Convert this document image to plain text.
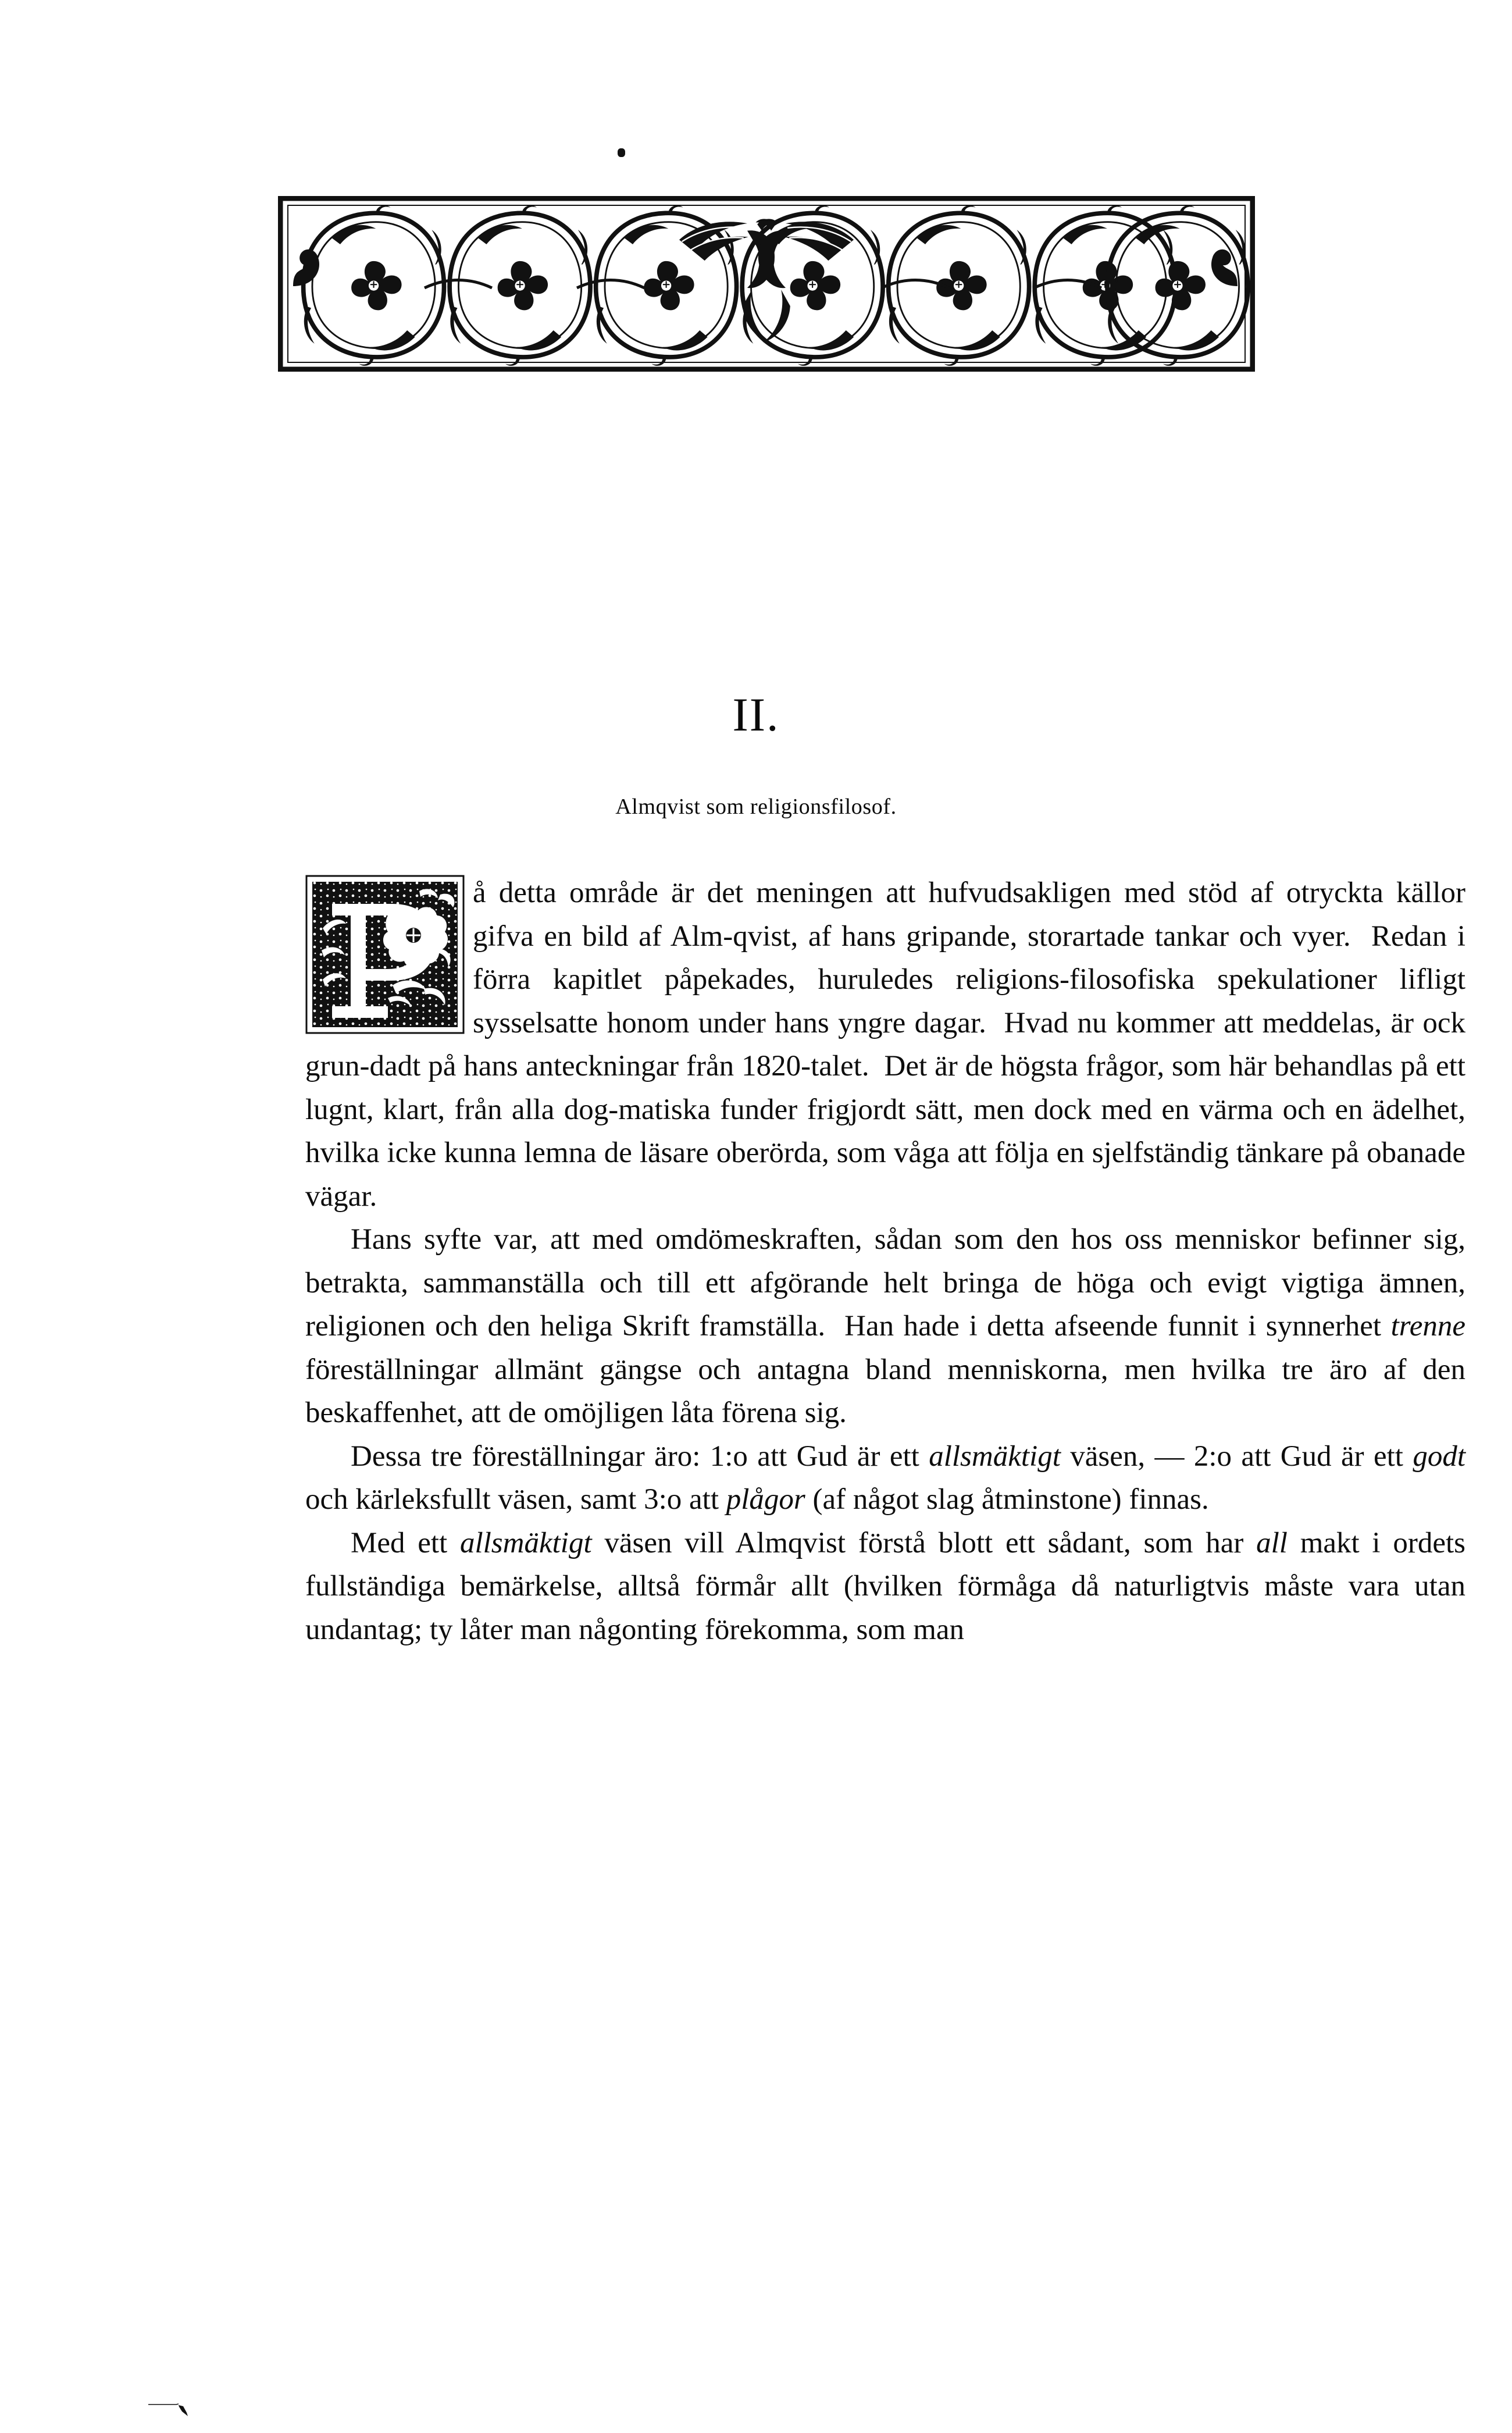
II.
Almqvist som religionsfilosof.

å detta område är det meningen att hufvudsakligen med stöd af otryckta källor gifva en bild af Alm‑qvist, af hans gripande, storartade tankar och vyer.  Redan i förra kapitlet påpekades, huruledes religions‑filosofiska spekulationer lifligt sysselsatte honom under hans yngre dagar.  Hvad nu kommer att meddelas, är ock grun‑dadt på hans anteckningar från 1820-talet.  Det är de högsta frågor, som här behandlas på ett lugnt, klart, från alla dog‑matiska funder frigjordt sätt, men dock med en värma och en ädelhet, hvilka icke kunna lemna de läsare oberörda, som våga att följa en sjelfständig tänkare på obanade vägar.

Hans syfte var, att med omdömeskraften, sådan som den hos oss menniskor befinner sig, betrakta, sammanställa och till ett afgörande helt bringa de höga och evigt vigtiga ämnen, religionen och den heliga Skrift framställa.  Han hade i detta afseende funnit i synnerhet trenne föreställningar allmänt gängse och antagna bland menniskorna, men hvilka tre äro af den beskaffenhet, att de omöjligen låta förena sig.

Dessa tre föreställningar äro: 1:o att Gud är ett allsmäktigt väsen, — 2:o att Gud är ett godt och kärleksfullt väsen, samt 3:o att plågor (af något slag åtminstone) finnas.

Med ett allsmäktigt väsen vill Almqvist förstå blott ett sådant, som har all makt i ordets fullständiga bemärkelse, alltså förmår allt (hvilken förmåga då naturligtvis måste vara utan undantag; ty låter man någonting förekomma, som man
